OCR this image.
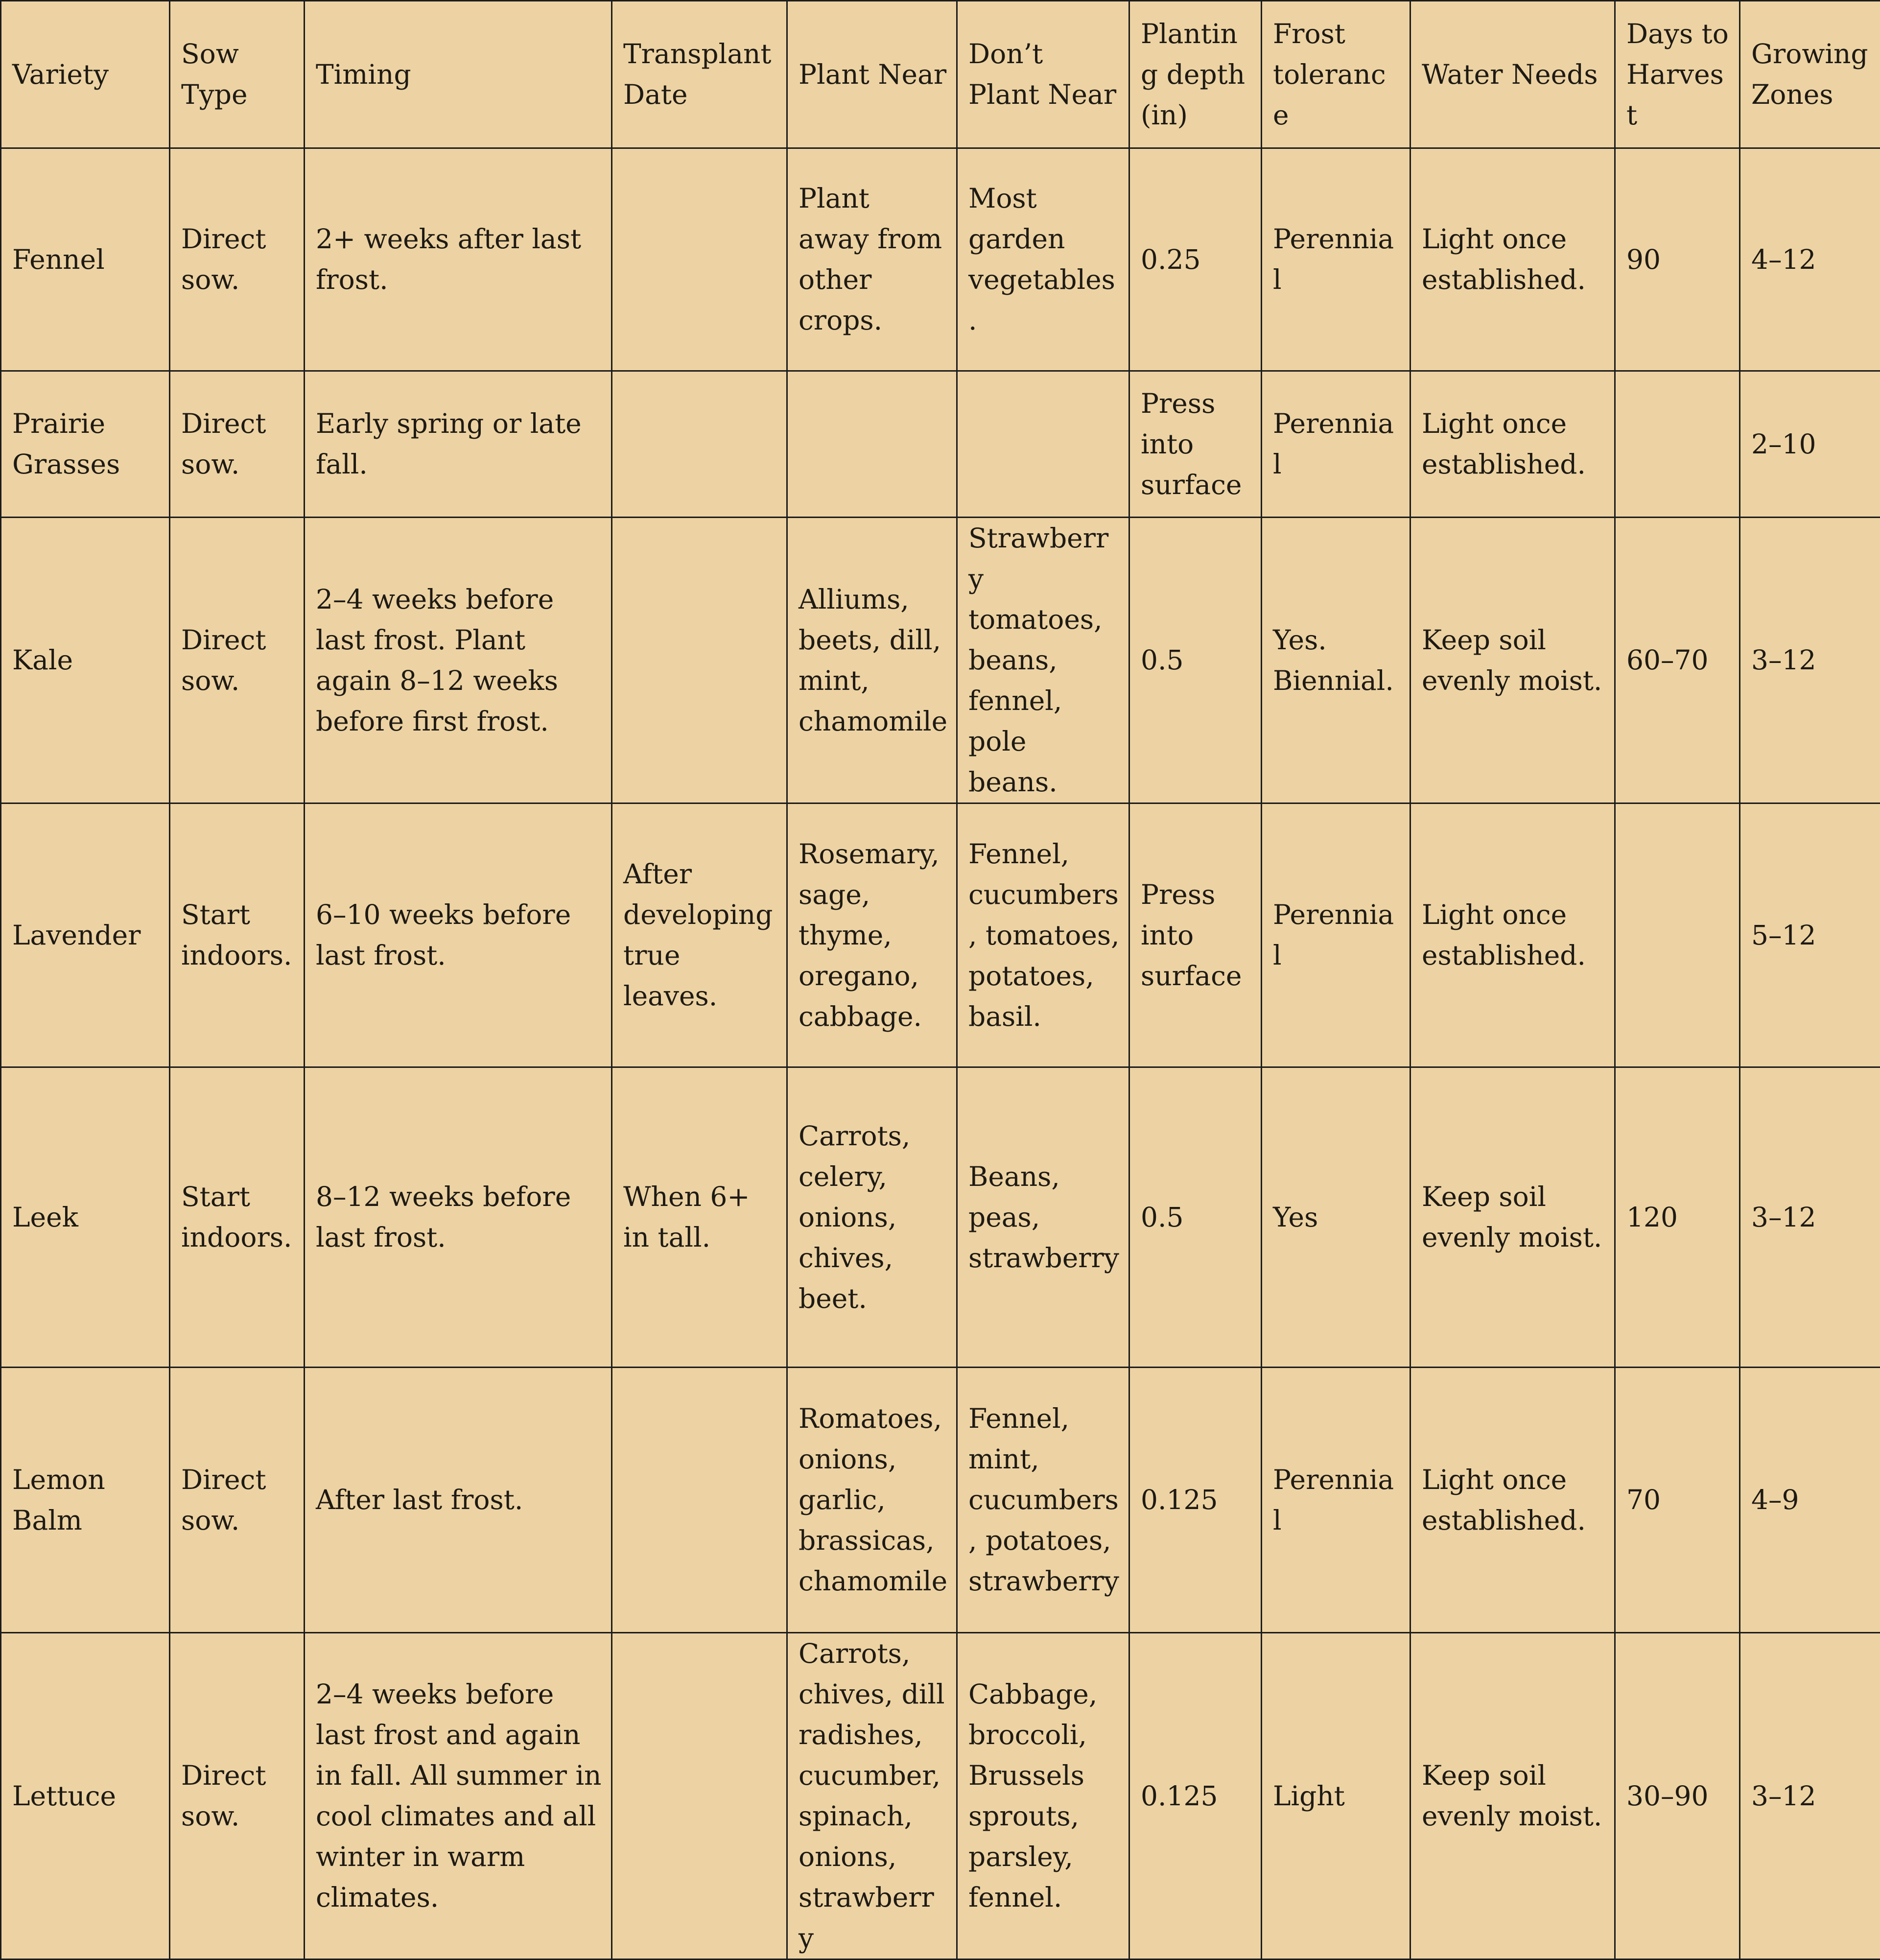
Variety	Sow Type	Timing	Transplant Date	Plant Near	Don’t Plant Near	Planting depth (in)	Frost tolerance	Water Needs	Days to Harvest	Growing Zones
Fennel	Direct sow.	2+ weeks after last frost.		Plant away from other crops.	Most garden vegetables.	0.25	Perennial	Light once established.	90	4–12
Prairie Grasses	Direct sow.	Early spring or late fall.				Press into surface	Perennial	Light once established.		2–10
Kale	Direct sow.	2–4 weeks before last frost. Plant again 8–12 weeks before first frost.		Alliums, beets, dill, mint, chamomile	Strawberry tomatoes, beans, fennel, pole beans.	0.5	Yes. Biennial.	Keep soil evenly moist.	60–70	3–12
Lavender	Start indoors.	6–10 weeks before last frost.	After developing true leaves.	Rosemary, sage, thyme, oregano, cabbage.	Fennel, cucumbers, tomatoes, potatoes, basil.	Press into surface	Perennial	Light once established.		5–12
Leek	Start indoors.	8–12 weeks before last frost.	When 6+ in tall.	Carrots, celery, onions, chives, beet.	Beans, peas, strawberry	0.5	Yes	Keep soil evenly moist.	120	3–12
Lemon Balm	Direct sow.	After last frost.		Romatoes, onions, garlic, brassicas, chamomile	Fennel, mint, cucumbers, potatoes, strawberry	0.125	Perennial	Light once established.	70	4–9
Lettuce	Direct sow.	2–4 weeks before last frost and again in fall. All summer in cool climates and all winter in warm climates.		Carrots, chives, dill radishes, cucumber, spinach, onions, strawberry	Cabbage, broccoli, Brussels sprouts, parsley, fennel.	0.125	Light	Keep soil evenly moist.	30–90	3–12
